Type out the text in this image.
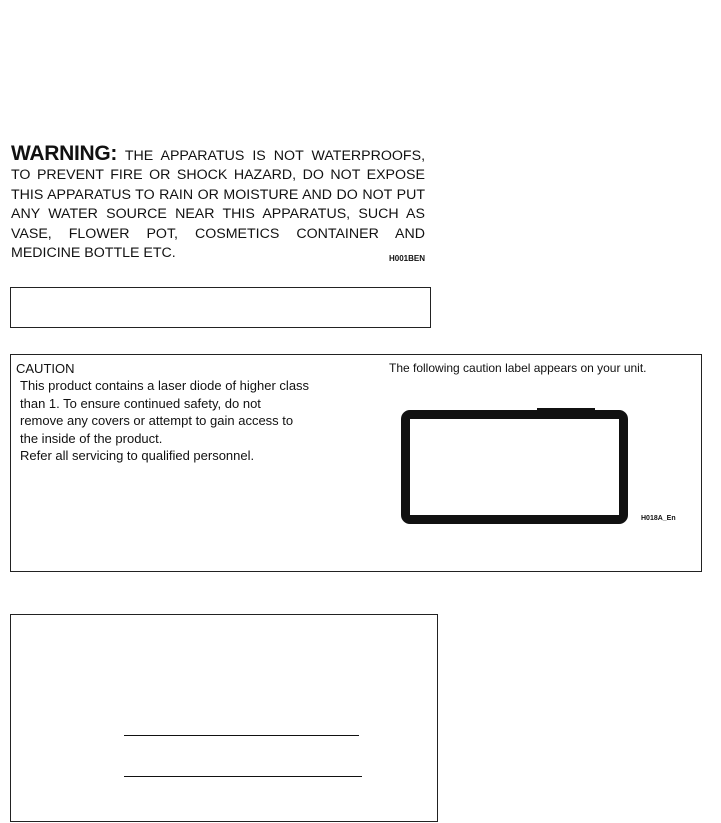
WARNING: THE APPARATUS IS NOT WATERPROOFS, TO PREVENT FIRE OR SHOCK HAZARD, DO NOT EXPOSE THIS APPARATUS TO RAIN OR MOISTURE AND DO NOT PUT ANY WATER SOURCE NEAR THIS APPARATUS, SUCH AS VASE, FLOWER POT, COSMETICS CONTAINER AND MEDICINE BOTTLE ETC.	H001BEN
CAUTION
This product contains a laser diode of higher class
than 1. To ensure continued safety, do not
remove any covers or attempt to gain access to
the inside of the product.
Refer all servicing to qualified personnel.
The following caution label appears on your unit.
H018A_En
